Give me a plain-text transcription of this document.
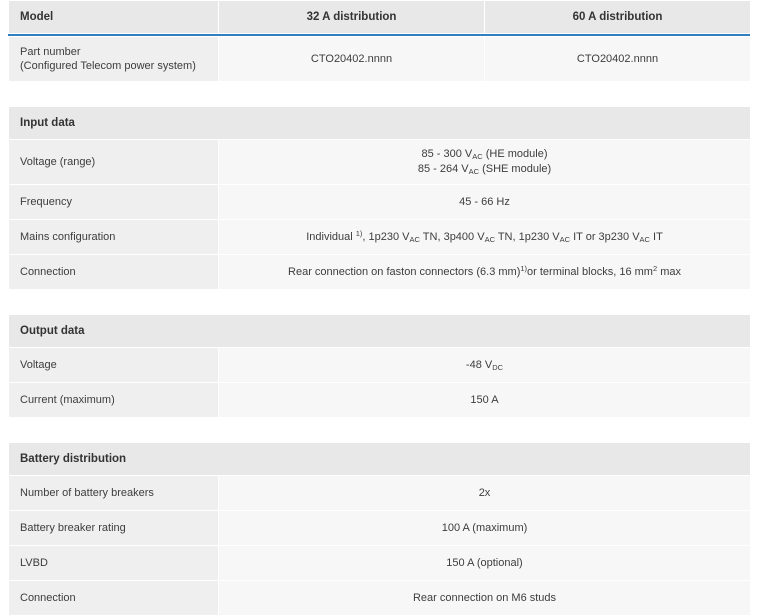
Model	32 A distribution	60 A distribution
Part number
(Configured Telecom power system)
	CTO20402.nnnn	CTO20402.nnnn
Input data	
Voltage (range)	85 - 300 $V_{AC}$ (HE module)
85 - 264 $V_{AC}$ (SHE module)

Frequency	45 - 66 Hz
Mains configuration	Individual $^{1)}$, 1p230 $V_{AC}$ TN, 3p400 $V_{AC}$ TN, 1p230 $V_{AC}$ IT or 3p230 $V_{AC}$ IT
Connection	Rear connection on faston connectors (6.3 mm)$^{1)}$or terminal blocks, 16 $mm^2$ max
Output data	
Voltage	-48 $V_{DC}$
Current (maximum)	150 A
Battery distribution	
Number of battery breakers	2x
Battery breaker rating	100 A (maximum)
LVBD	150 A (optional)
Connection	Rear connection on M6 studs
